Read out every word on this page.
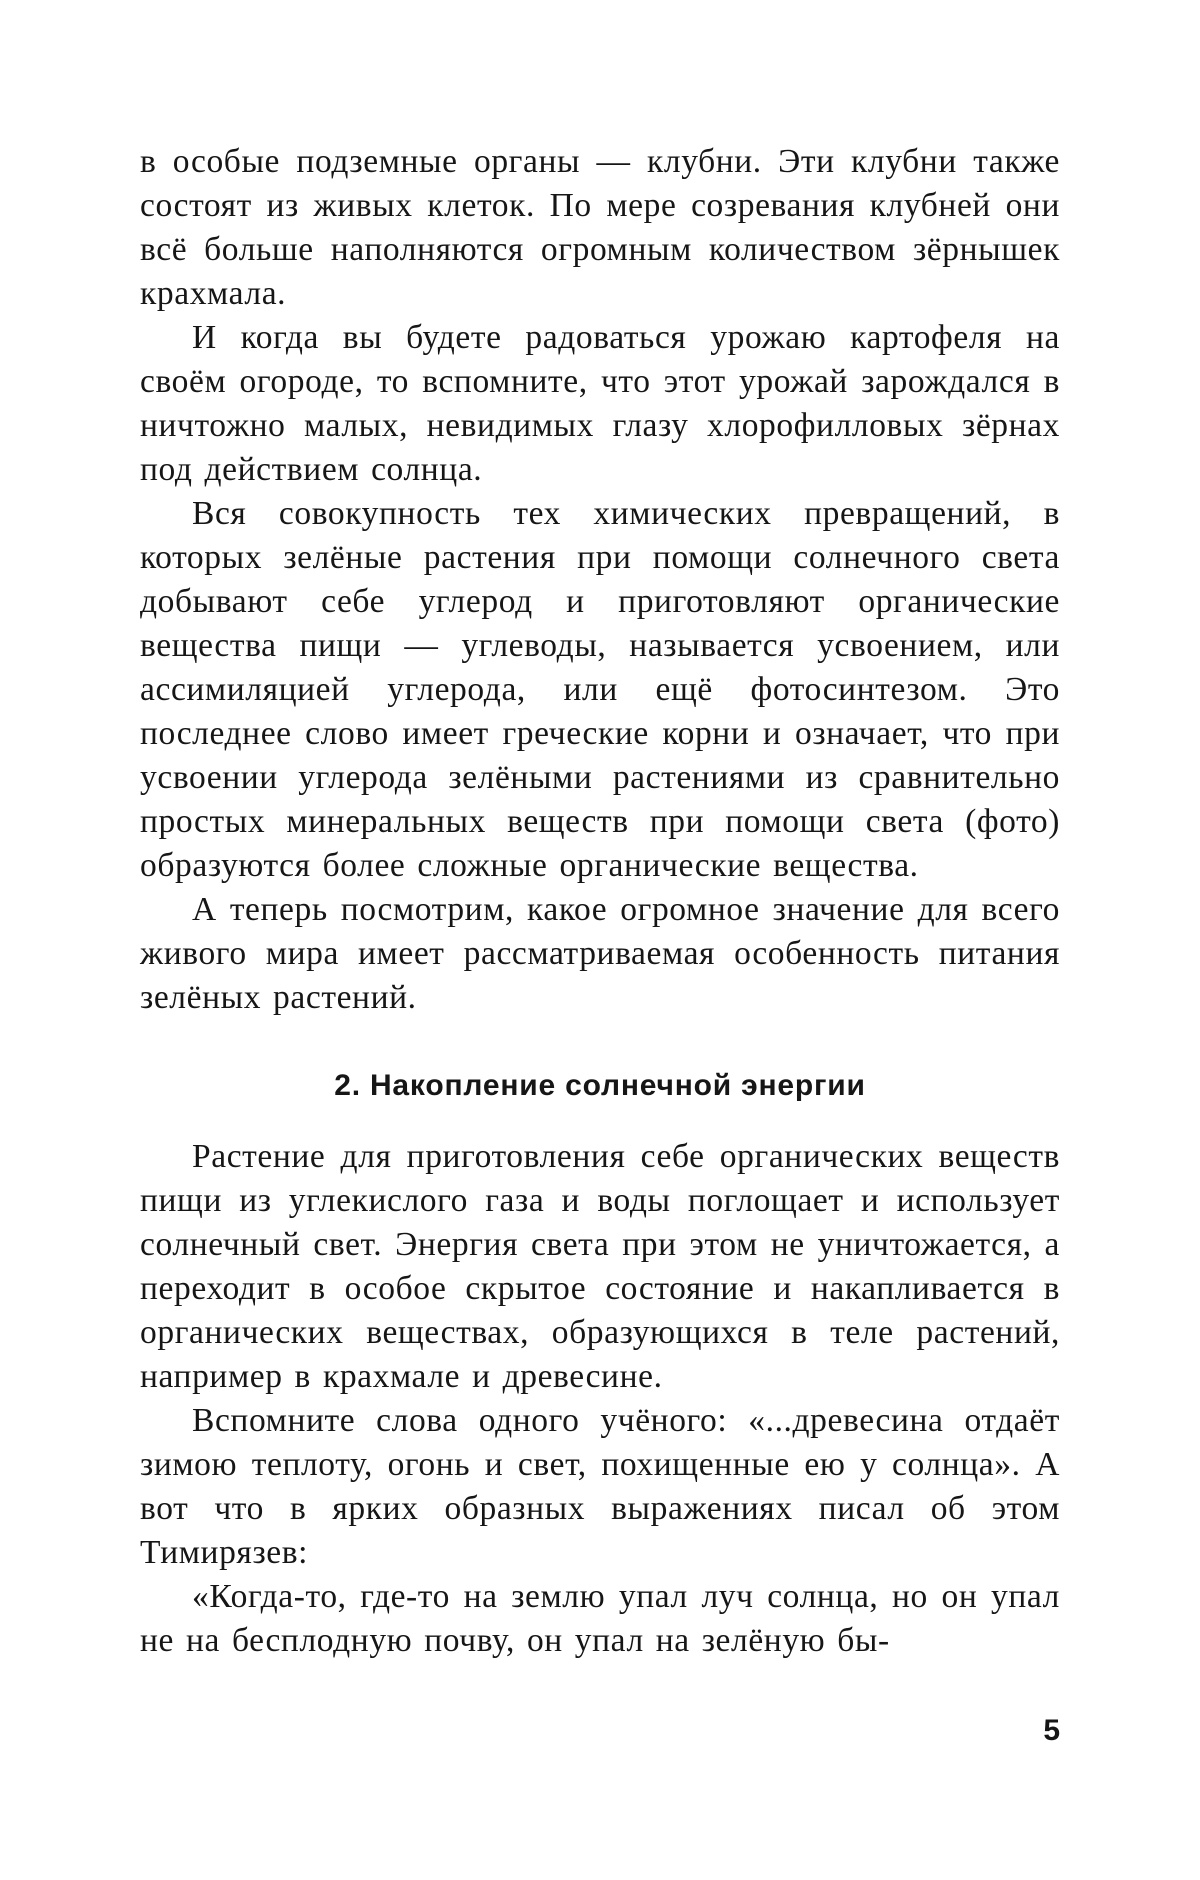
в особые подземные органы — клубни. Эти клубни также состоят из живых клеток. По мере созревания клубней они всё больше наполняются огромным количеством зёрнышек крахмала.

И когда вы будете радоваться урожаю картофеля на своём огороде, то вспомните, что этот урожай зарождался в ничтожно малых, невидимых глазу хлорофилловых зёрнах под действием солнца.

Вся совокупность тех химических превращений, в которых зелёные растения при помощи солнечного света добывают себе углерод и приготовляют органические вещества пищи — углеводы, называется усвоением, или ассимиляцией углерода, или ещё фотосинтезом. Это последнее слово имеет греческие корни и означает, что при усвоении углерода зелёными растениями из сравнительно простых минеральных веществ при помощи света (фото) образуются более сложные органические вещества.

А теперь посмотрим, какое огромное значение для всего живого мира имеет рассматриваемая особенность питания зелёных растений.

2. Накопление солнечной энергии

Растение для приготовления себе органических веществ пищи из углекислого газа и воды поглощает и использует солнечный свет. Энергия света при этом не уничтожается, а переходит в особое скрытое состояние и накапливается в органических веществах, образующихся в теле растений, например в крахмале и древесине.

Вспомните слова одного учёного: «...древесина отдаёт зимою теплоту, огонь и свет, похищенные ею у солнца». А вот что в ярких образных выражениях писал об этом Тимирязев:

«Когда-то, где-то на землю упал луч солнца, но он упал не на бесплодную почву, он упал на зелёную бы-

5
